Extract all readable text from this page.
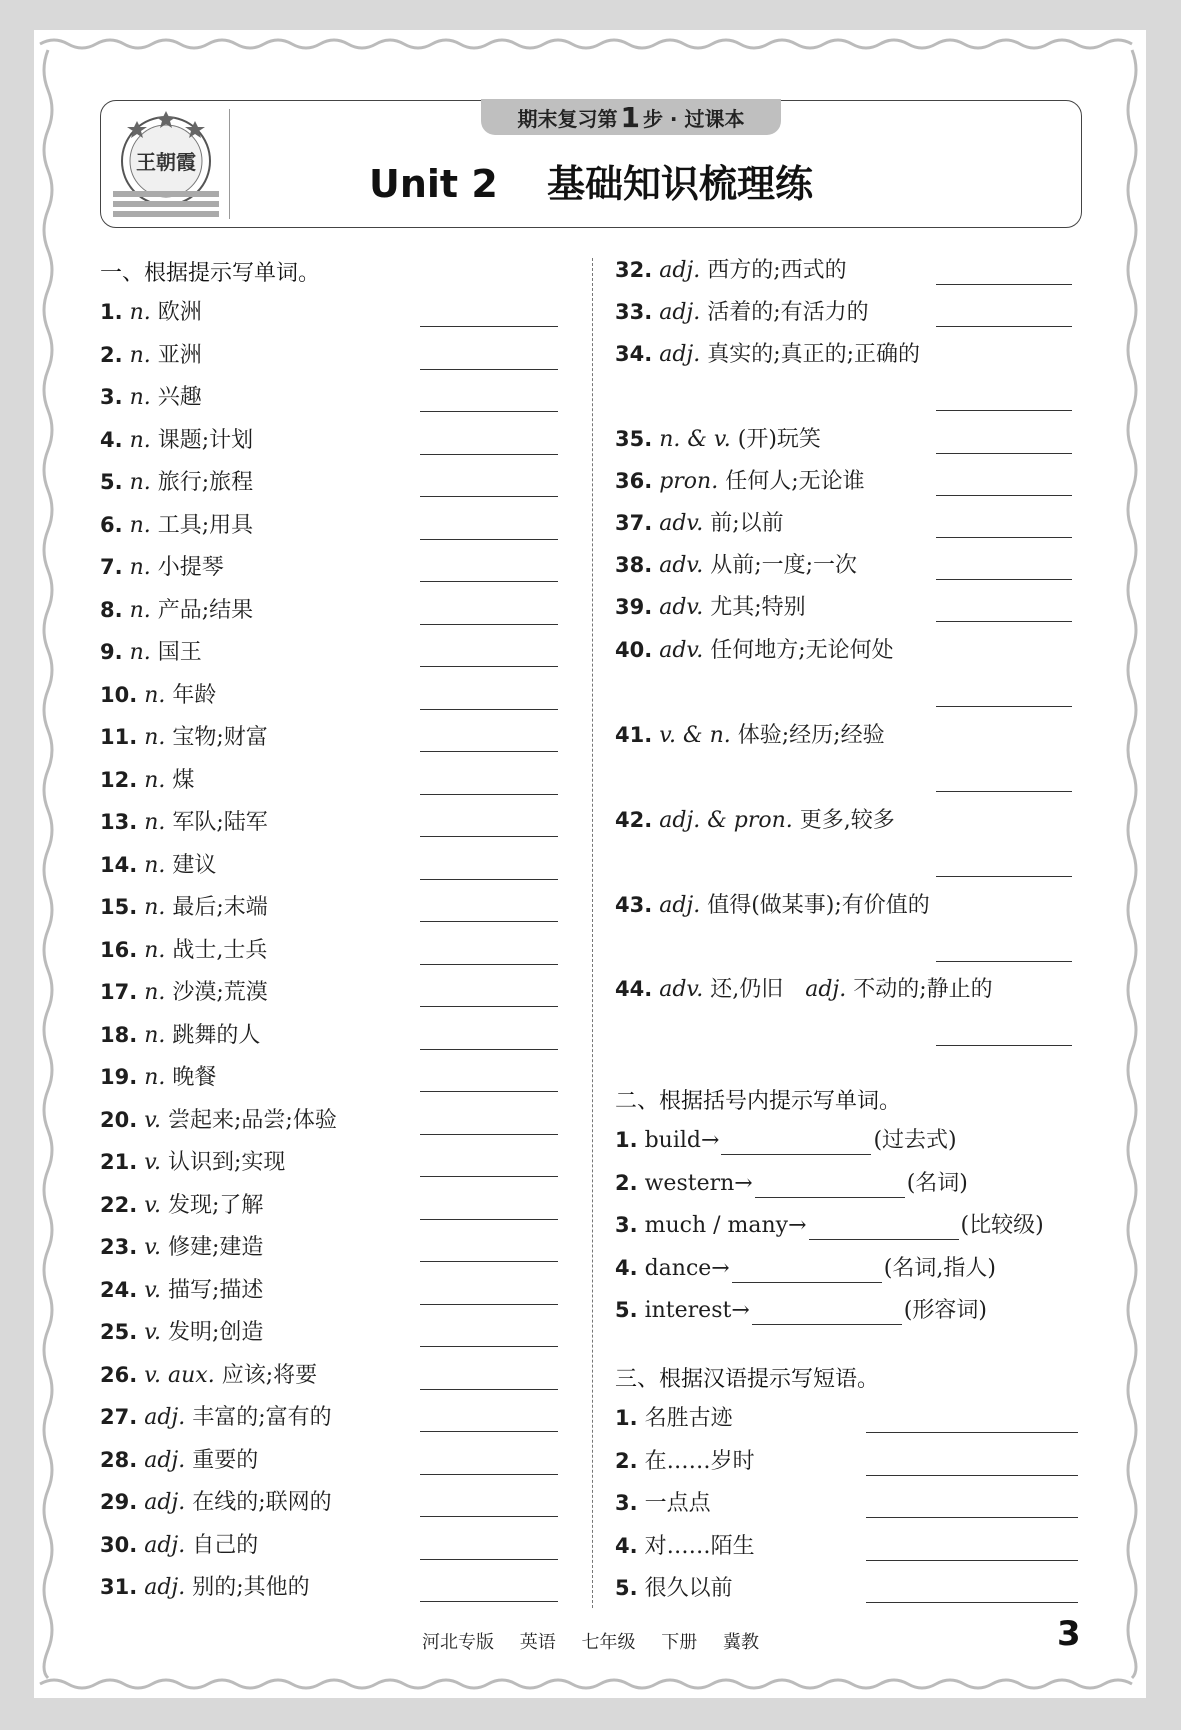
王朝霞
期末复习第 1 步 · 过课本
Unit 2 基础知识梳理练
一、根据提示写单词。
1. n. 欧洲
2. n. 亚洲
3. n. 兴趣
4. n. 课题;计划
5. n. 旅行;旅程
6. n. 工具;用具
7. n. 小提琴
8. n. 产品;结果
9. n. 国王
10. n. 年龄
11. n. 宝物;财富
12. n. 煤
13. n. 军队;陆军
14. n. 建议
15. n. 最后;末端
16. n. 战士,士兵
17. n. 沙漠;荒漠
18. n. 跳舞的人
19. n. 晚餐
20. v. 尝起来;品尝;体验
21. v. 认识到;实现
22. v. 发现;了解
23. v. 修建;建造
24. v. 描写;描述
25. v. 发明;创造
26. v. aux. 应该;将要
27. adj. 丰富的;富有的
28. adj. 重要的
29. adj. 在线的;联网的
30. adj. 自己的
31. adj. 别的;其他的
32. adj. 西方的;西式的
33. adj. 活着的;有活力的
34. adj. 真实的;真正的;正确的
35. n. & v. (开)玩笑
36. pron. 任何人;无论谁
37. adv. 前;以前
38. adv. 从前;一度;一次
39. adv. 尤其;特别
40. adv. 任何地方;无论何处
41. v. & n. 体验;经历;经验
42. adj. & pron. 更多,较多
43. adj. 值得(做某事);有价值的
44. adv. 还,仍旧  adj. 不动的;静止的
二、根据括号内提示写单词。
1. build→	(过去式)
2. western→	(名词)
3. much / many→	(比较级)
4. dance→	(名词,指人)
5. interest→	(形容词)
三、根据汉语提示写短语。
1. 名胜古迹
2. 在……岁时
3. 一点点
4. 对……陌生
5. 很久以前
河北专版 英语 七年级 下册 冀教	3
